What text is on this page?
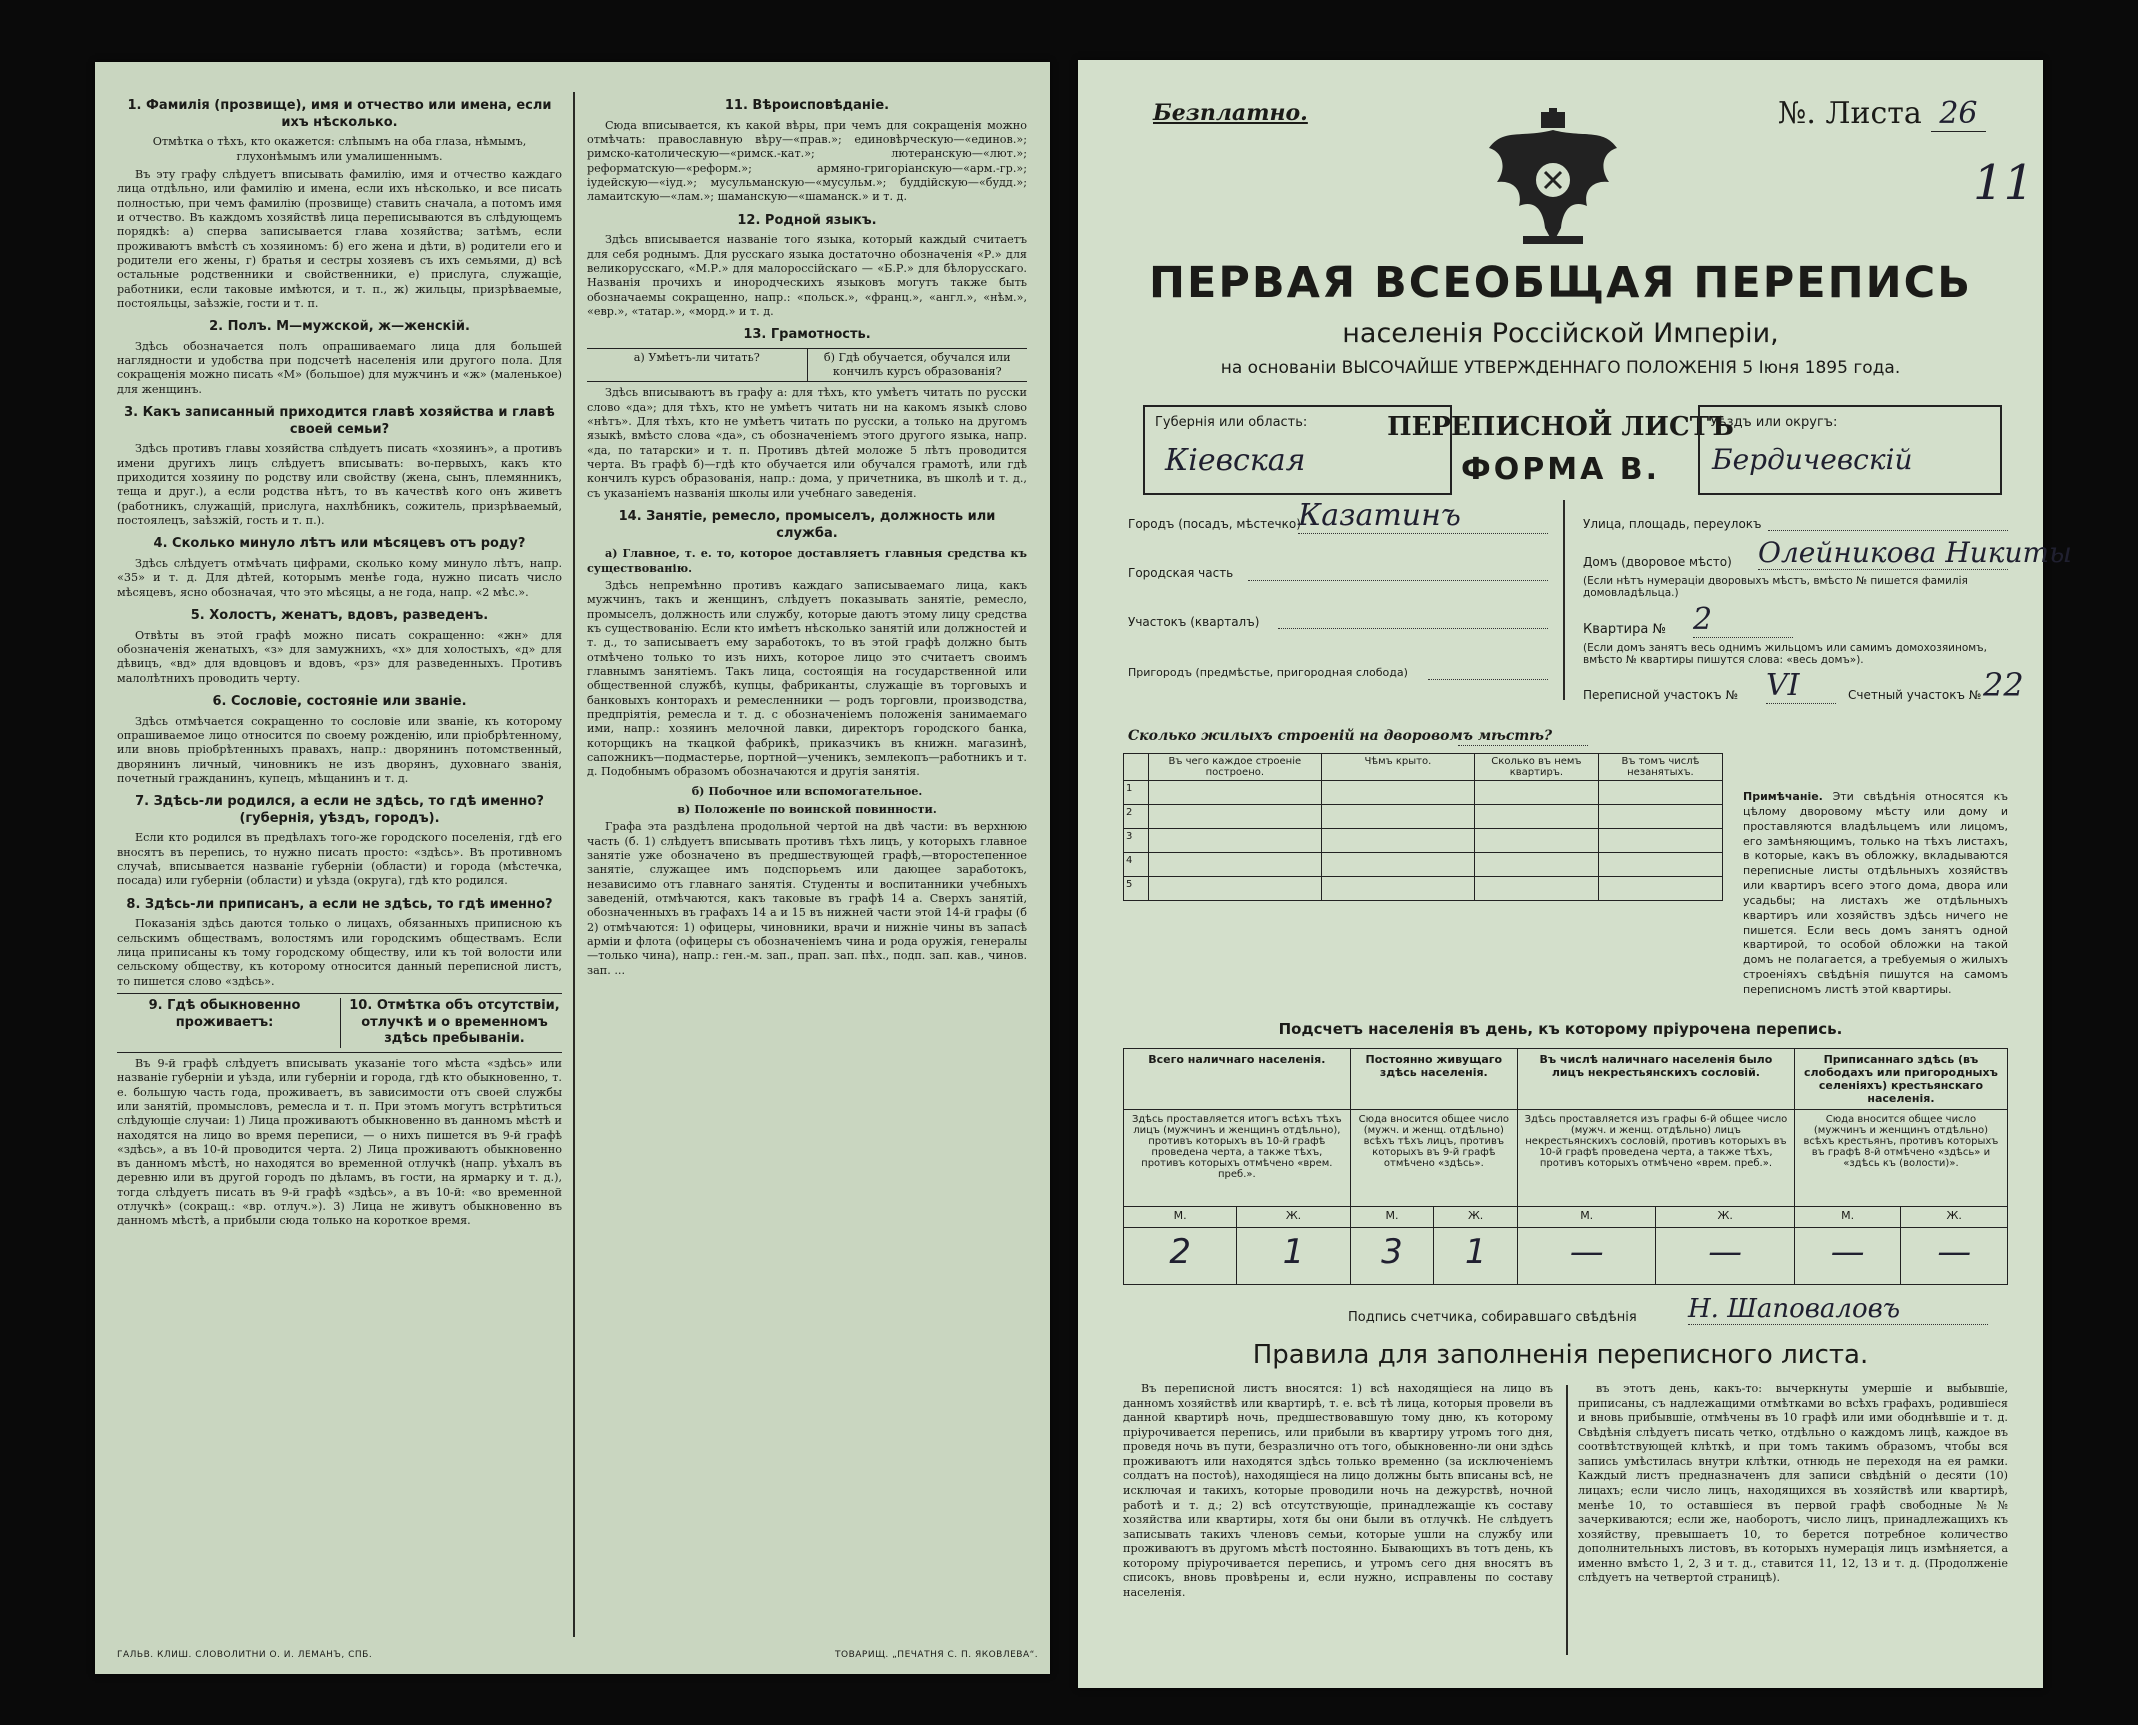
1. Фамилія (прозвище), имя и отчество или имена, если ихъ нѣсколько.

Отмѣтка о тѣхъ, кто окажется: слѣпымъ на оба глаза, нѣмымъ, глухонѣмымъ или умалишеннымъ.

Въ эту графу слѣдуетъ вписывать фамилію, имя и отчество каждаго лица отдѣльно, или фамилію и имена, если ихъ нѣсколько, и все писать полностью, при чемъ фамилію (прозвище) ставить сначала, а потомъ имя и отчество. Въ каждомъ хозяйствѣ лица переписываются въ слѣдующемъ порядкѣ: а) сперва записывается глава хозяйства; затѣмъ, если проживаютъ вмѣстѣ съ хозяиномъ: б) его жена и дѣти, в) родители его и родители его жены, г) братья и сестры хозяевъ съ ихъ семьями, д) всѣ остальные родственники и свойственники, е) прислуга, служащіе, работники, если таковые имѣются, и т. п., ж) жильцы, призрѣваемые, постояльцы, заѣзжіе, гости и т. п.

2. Полъ. М—мужской, ж—женскій.

Здѣсь обозначается полъ опрашиваемаго лица для большей наглядности и удобства при подсчетѣ населенія или другого пола. Для сокращенія можно писать «М» (большое) для мужчинъ и «ж» (маленькое) для женщинъ.

3. Какъ записанный приходится главѣ хозяйства и главѣ своей семьи?

Здѣсь противъ главы хозяйства слѣдуетъ писать «хозяинъ», а противъ имени другихъ лицъ слѣдуетъ вписывать: во-первыхъ, какъ кто приходится хозяину по родству или свойству (жена, сынъ, племянникъ, теща и друг.), а если родства нѣтъ, то въ качествѣ кого онъ живетъ (работникъ, служащій, прислуга, нахлѣбникъ, сожитель, призрѣваемый, постоялецъ, заѣзжій, гость и т. п.).

4. Сколько минуло лѣтъ или мѣсяцевъ отъ роду?

Здѣсь слѣдуетъ отмѣчать цифрами, сколько кому минуло лѣтъ, напр. «35» и т. д. Для дѣтей, которымъ менѣе года, нужно писать число мѣсяцевъ, ясно обозначая, что это мѣсяцы, а не года, напр. «2 мѣс.».

5. Холостъ, женатъ, вдовъ, разведенъ.

Отвѣты въ этой графѣ можно писать сокращенно: «жн» для обозначенія женатыхъ, «з» для замужнихъ, «х» для холостыхъ, «д» для дѣвицъ, «вд» для вдовцовъ и вдовъ, «рз» для разведенныхъ. Противъ малолѣтнихъ проводить черту.

6. Сословіе, состояніе или званіе.

Здѣсь отмѣчается сокращенно то сословіе или званіе, къ которому опрашиваемое лицо относится по своему рожденію, или пріобрѣтенному, или вновь пріобрѣтенныхъ правахъ, напр.: дворянинъ потомственный, дворянинъ личный, чиновникъ не изъ дворянъ, духовнаго званія, почетный гражданинъ, купецъ, мѣщанинъ и т. д.

7. Здѣсь-ли родился, а если не здѣсь, то гдѣ именно? (губернія, уѣздъ, городъ).

Если кто родился въ предѣлахъ того-же городского поселенія, гдѣ его вносятъ въ перепись, то нужно писать просто: «здѣсь». Въ противномъ случаѣ, вписывается названіе губерніи (области) и города (мѣстечка, посада) или губерніи (области) и уѣзда (округа), гдѣ кто родился.

8. Здѣсь-ли приписанъ, а если не здѣсь, то гдѣ именно?

Показанія здѣсь даются только о лицахъ, обязанныхъ приписною къ сельскимъ обществамъ, волостямъ или городскимъ обществамъ. Если лица приписаны къ тому городскому обществу, или къ той волости или сельскому обществу, къ которому относится данный переписной листъ, то пишется слово «здѣсь».

9. Гдѣ обыкновенно проживаетъ:
10. Отмѣтка объ отсутствіи, отлучкѣ и о временномъ здѣсь пребываніи.

Въ 9-й графѣ слѣдуетъ вписывать указаніе того мѣста «здѣсь» или названіе губерніи и уѣзда, или губерніи и города, гдѣ кто обыкновенно, т. е. большую часть года, проживаетъ, въ зависимости отъ своей службы или занятій, промысловъ, ремесла и т. п. При этомъ могутъ встрѣтиться слѣдующіе случаи: 1) Лица проживаютъ обыкновенно въ данномъ мѣстѣ и находятся на лицо во время переписи, — о нихъ пишется въ 9-й графѣ «здѣсь», а въ 10-й проводится черта. 2) Лица проживаютъ обыкновенно въ данномъ мѣстѣ, но находятся во временной отлучкѣ (напр. уѣхалъ въ деревню или въ другой городъ по дѣламъ, въ гости, на ярмарку и т. д.), тогда слѣдуетъ писать въ 9-й графѣ «здѣсь», а въ 10-й: «во временной отлучкѣ» (сокращ.: «вр. отлуч.»). 3) Лица не живутъ обыкновенно въ данномъ мѣстѣ, а прибыли сюда только на короткое время.

11. Вѣроисповѣданіе.

Сюда вписывается, къ какой вѣры, при чемъ для сокращенія можно отмѣчать: православную вѣру—«прав.»; единовѣрческую—«единов.»; римско-католическую—«римск.-кат.»; лютеранскую—«лют.»; реформатскую—«реформ.»; армяно-григоріанскую—«арм.-гр.»; іудейскую—«іуд.»; мусульманскую—«мусульм.»; буддійскую—«будд.»; ламаитскую—«лам.»; шаманскую—«шаманск.» и т. д.

12. Родной языкъ.

Здѣсь вписывается названіе того языка, который каждый считаетъ для себя роднымъ. Для русскаго языка достаточно обозначенія «Р.» для великорусскаго, «М.Р.» для малороссійскаго — «Б.Р.» для бѣлорусскаго. Названія прочихъ и инородческихъ языковъ могутъ также быть обозначаемы сокращенно, напр.: «польск.», «франц.», «англ.», «нѣм.», «евр.», «татар.», «морд.» и т. д.

13. Грамотность.
а) Умѣетъ-ли читать?	б) Гдѣ обучается, обучался или кончилъ курсъ образованія?

Здѣсь вписываютъ въ графу а: для тѣхъ, кто умѣетъ читать по русски слово «да»; для тѣхъ, кто не умѣетъ читать ни на какомъ языкѣ слово «нѣтъ». Для тѣхъ, кто не умѣетъ читать по русски, а только на другомъ языкѣ, вмѣсто слова «да», съ обозначеніемъ этого другого языка, напр. «да, по татарски» и т. п. Противъ дѣтей моложе 5 лѣтъ проводится черта. Въ графѣ б)—гдѣ кто обучается или обучался грамотѣ, или гдѣ кончилъ курсъ образованія, напр.: дома, у причетника, въ школѣ и т. д., съ указаніемъ названія школы или учебнаго заведенія.

14. Занятіе, ремесло, промыселъ, должность или служба.

а) Главное, т. е. то, которое доставляетъ главныя средства къ существованію.

Здѣсь непремѣнно противъ каждаго записываемаго лица, какъ мужчинъ, такъ и женщинъ, слѣдуетъ показывать занятіе, ремесло, промыселъ, должность или службу, которые даютъ этому лицу средства къ существованію. Если кто имѣетъ нѣсколько занятій или должностей и т. д., то записываетъ ему заработокъ, то въ этой графѣ должно быть отмѣчено только то изъ нихъ, которое лицо это считаетъ своимъ главнымъ занятіемъ. Такъ лица, состоящія на государственной или общественной службѣ, купцы, фабриканты, служащіе въ торговыхъ и банковыхъ конторахъ и ремесленники — родъ торговли, производства, предпріятія, ремесла и т. д. с обозначеніемъ положенія занимаемаго ими, напр.: хозяинъ мелочной лавки, директоръ городского банка, которщикъ на ткацкой фабрикѣ, приказчикъ въ книжн. магазинѣ, сапожникъ—подмастерье, портной—ученикъ, землекопъ—работникъ и т. д. Подобнымъ образомъ обозначаются и другія занятія.

б) Побочное или вспомогательное.

в) Положеніе по воинской повинности.

Графа эта раздѣлена продольной чертой на двѣ части: въ верхнюю часть (б. 1) слѣдуетъ вписывать противъ тѣхъ лицъ, у которыхъ главное занятіе уже обозначено въ предшествующей графѣ,—второстепенное занятіе, служащее имъ подспорьемъ или дающее заработокъ, независимо отъ главнаго занятія. Студенты и воспитанники учебныхъ заведеній, отмѣчаются, какъ таковые въ графѣ 14 а. Сверхъ занятій, обозначенныхъ въ графахъ 14 а и 15 въ нижней части этой 14-й графы (б 2) отмѣчаются: 1) офицеры, чиновники, врачи и нижніе чины въ запасѣ арміи и флота (офицеры съ обозначеніемъ чина и рода оружія, генералы—только чина), напр.: ген.-м. зап., прап. зап. пѣх., подп. зап. кав., чинов. зап. ...

ГАЛЬВ. КЛИШ. СЛОВОЛИТНИ О. И. ЛЕМАНЪ, СПБ.	ТОВАРИЩ. „ПЕЧАТНЯ С. П. ЯКОВЛЕВА“.
Безплатно.	№. Листа 26
11
ПЕРВАЯ ВСЕОБЩАЯ ПЕРЕПИСЬ
населенія Россійской Имперіи,
на основаніи ВЫСОЧАЙШЕ УТВЕРЖДЕННАГО ПОЛОЖЕНІЯ 5 Іюня 1895 года.
Губернія или область:
Кіевская
ПЕРЕПИСНОЙ ЛИСТЪ
ФОРМА В.
Уѣздъ или округъ:
Бердичевскій
Городъ (посадъ, мѣстечко)
Казатинъ
Городская часть
Участокъ (кварталъ)
Пригородъ (предмѣстье, пригородная слобода)
Улица, площадь, переулокъ
Домъ (дворовое мѣсто) Олейникова Никиты
(Если нѣтъ нумераціи дворовыхъ мѣстъ, вмѣсто № пишется фамилія домовладѣльца.)
Квартира № 2
(Если домъ занятъ весь однимъ жильцомъ или самимъ домохозяиномъ, вмѣсто № квартиры пишутся слова: «весь домъ»).
Переписной участокъ № VI	Счетный участокъ № 22
Сколько жилыхъ строеній на дворовомъ мѣстѣ?
	Въ чего каждое строеніе построено.	Чѣмъ крыто.	Сколько въ немъ квартиръ.	Въ томъ числѣ незанятыхъ.
1				
2				
3				
4				
5				
Примѣчаніе. Эти свѣдѣнія относятся къ цѣлому дворовому мѣсту или дому и проставляются владѣльцемъ или лицомъ, его замѣняющимъ, только на тѣхъ листахъ, в которые, какъ въ обложку, вкладываются переписные листы отдѣльныхъ хозяйствъ или квартиръ всего этого дома, двора или усадьбы; на листахъ же отдѣльныхъ квартиръ или хозяйствъ здѣсь ничего не пишется. Если весь домъ занятъ одной квартирой, то особой обложки на такой домъ не полагается, а требуемыя о жилыхъ строеніяхъ свѣдѣнія пишутся на самомъ переписномъ листѣ этой квартиры.
Подсчетъ населенія въ день, къ которому пріурочена перепись.
Всего наличнаго населенія.		Постоянно живущаго здѣсь населенія.		Въ числѣ наличнаго населенія было лицъ некрестьянскихъ сословій.		Приписаннаго здѣсь (въ слободахъ или пригородныхъ селеніяхъ) крестьянскаго населенія.	
Здѣсь проставляется итогъ всѣхъ тѣхъ лицъ (мужчинъ и женщинъ отдѣльно), противъ которыхъ въ 10-й графѣ проведена черта, а также тѣхъ, противъ которыхъ отмѣчено «врем. преб.».		Сюда вносится общее число (мужч. и женщ. отдѣльно) всѣхъ тѣхъ лицъ, противъ которыхъ въ 9-й графѣ отмѣчено «здѣсь».		Здѣсь проставляется изъ графы 6-й общее число (мужч. и женщ. отдѣльно) лицъ некрестьянскихъ сословій, противъ которыхъ въ 10-й графѣ проведена черта, а также тѣхъ, противъ которыхъ отмѣчено «врем. преб.».		Сюда вносится общее число (мужчинъ и женщинъ отдѣльно) всѣхъ крестьянъ, противъ которыхъ въ графѣ 8-й отмѣчено «здѣсь» и «здѣсь къ (волости)».	
М.	Ж.	М.	Ж.	М.	Ж.	М.	Ж.
2	1	3	1	—	—	—	—
Подпись счетчика, собиравшаго свѣдѣнія Н. Шаповаловъ
Правила для заполненія переписного листа.

Въ переписной листъ вносятся: 1) всѣ находящіеся на лицо въ данномъ хозяйствѣ или квартирѣ, т. е. всѣ тѣ лица, которыя провели въ данной квартирѣ ночь, предшествовавшую тому дню, къ которому пріурочивается перепись, или прибыли въ квартиру утромъ того дня, проведя ночь въ пути, безразлично отъ того, обыкновенно-ли они здѣсь проживаютъ или находятся здѣсь только временно (за исключеніемъ солдатъ на постоѣ), находящіеся на лицо должны быть вписаны всѣ, не исключая и такихъ, которые проводили ночь на дежурствѣ, ночной работѣ и т. д.; 2) всѣ отсутствующіе, принадлежащіе къ составу хозяйства или квартиры, хотя бы они были въ отлучкѣ. Не слѣдуетъ записывать такихъ членовъ семьи, которые ушли на службу или проживаютъ въ другомъ мѣстѣ постоянно. Бывающихъ въ тотъ день, къ которому пріурочивается перепись, и утромъ сего дня вносятъ въ списокъ, вновь провѣрены и, если нужно, исправлены по составу населенія.

въ этотъ день, какъ-то: вычеркнуты умершіе и выбывшіе, приписаны, съ надлежащими отмѣтками во всѣхъ графахъ, родившіеся и вновь прибывшіе, отмѣчены въ 10 графѣ или ими ободнѣвшіе и т. д. Свѣдѣнія слѣдуетъ писать четко, отдѣльно о каждомъ лицѣ, каждое въ соотвѣтствующей клѣткѣ, и при томъ такимъ образомъ, чтобы вся запись умѣстилась внутри клѣтки, отнюдь не переходя на ея рамки. Каждый листъ предназначенъ для записи свѣдѣній о десяти (10) лицахъ; если число лицъ, находящихся въ хозяйствѣ или квартирѣ, менѣе 10, то оставшіеся въ первой графѣ свободные №№ зачеркиваются; если же, наоборотъ, число лицъ, принадлежащихъ къ хозяйству, превышаетъ 10, то берется потребное количество дополнительныхъ листовъ, въ которыхъ нумерація лицъ измѣняется, а именно вмѣсто 1, 2, 3 и т. д., ставится 11, 12, 13 и т. д. (Продолженіе слѣдуетъ на четвертой страницѣ).
